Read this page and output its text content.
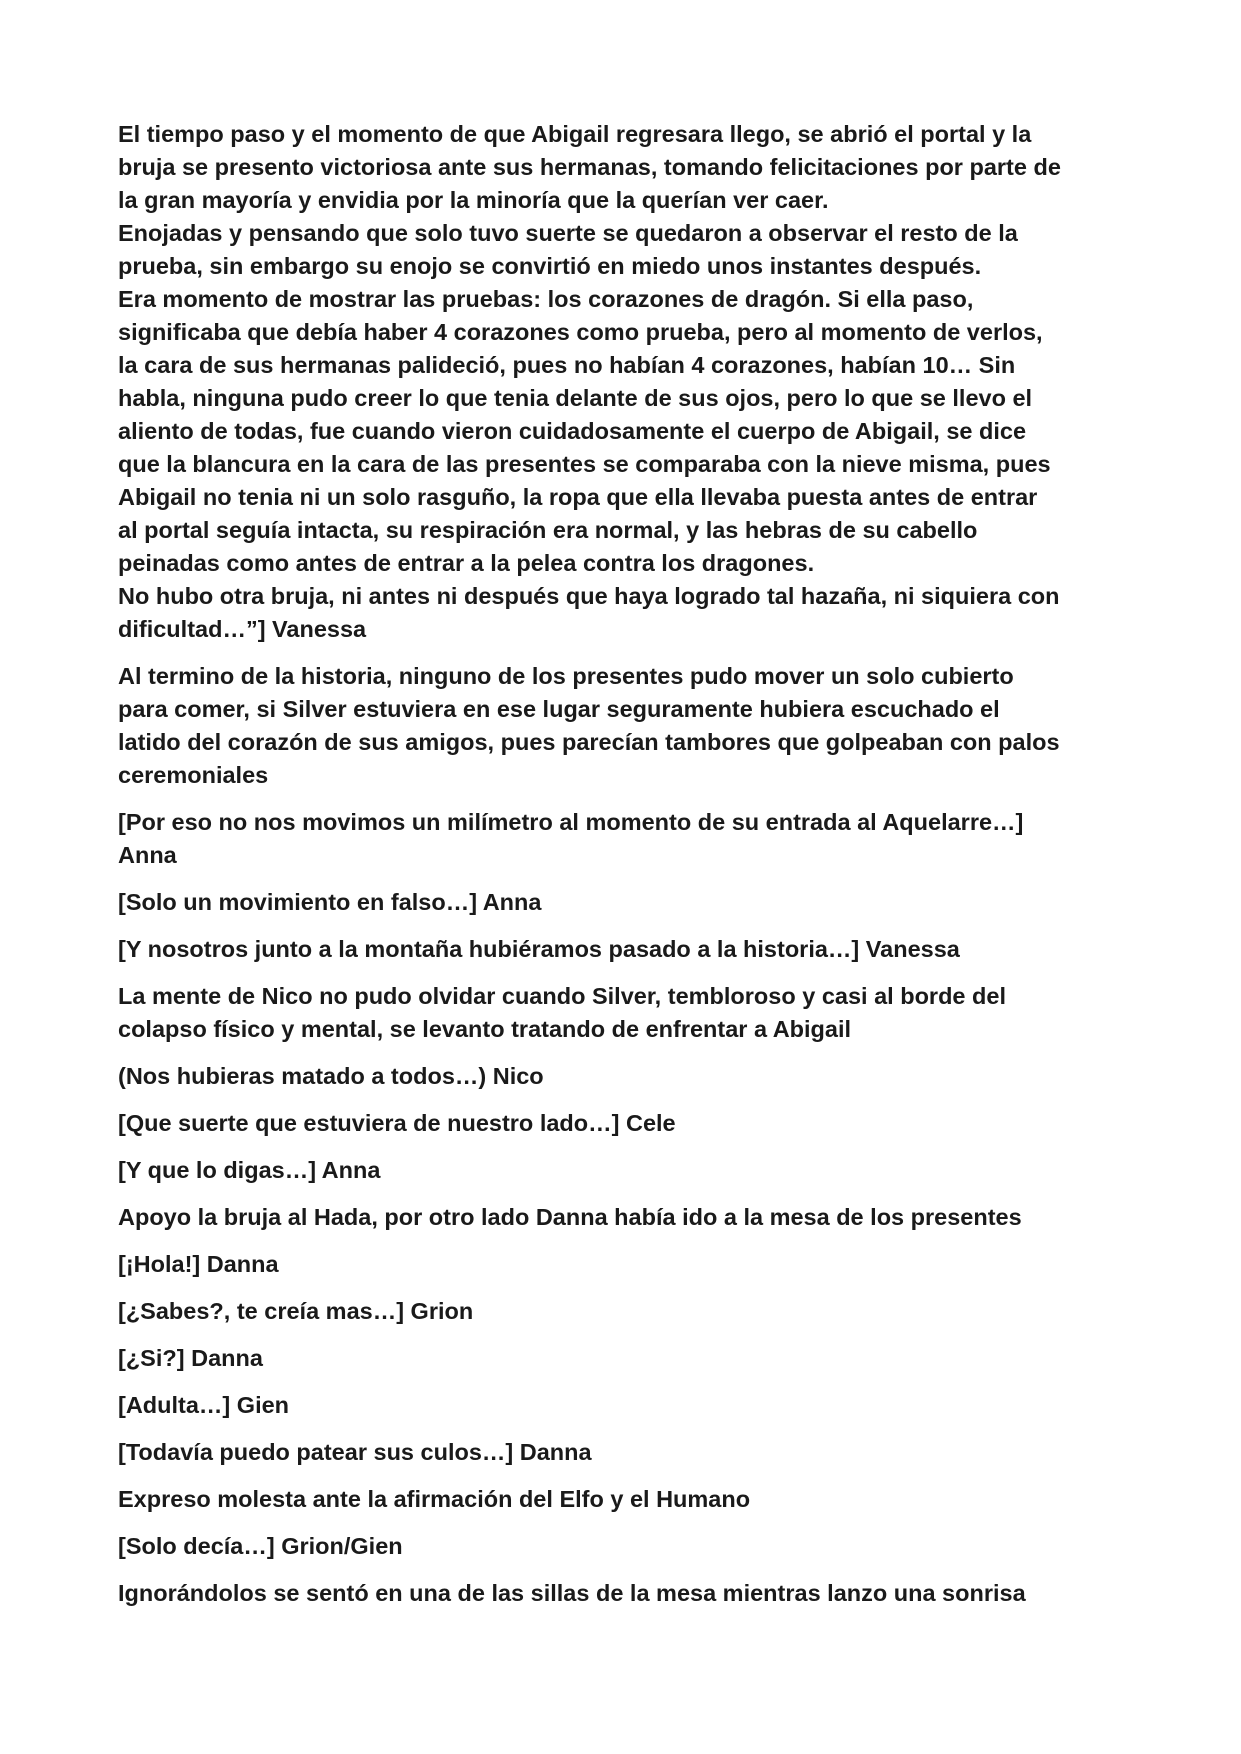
El tiempo paso y el momento de que Abigail regresara llego, se abrió el portal y la
bruja se presento victoriosa ante sus hermanas, tomando felicitaciones por parte de
la gran mayoría y envidia por la minoría que la querían ver caer.
Enojadas y pensando que solo tuvo suerte se quedaron a observar el resto de la
prueba, sin embargo su enojo se convirtió en miedo unos instantes después.
Era momento de mostrar las pruebas: los corazones de dragón. Si ella paso,
significaba que debía haber 4 corazones como prueba, pero al momento de verlos,
la cara de sus hermanas palideció, pues no habían 4 corazones, habían 10… Sin
habla, ninguna pudo creer lo que tenia delante de sus ojos, pero lo que se llevo el
aliento de todas, fue cuando vieron cuidadosamente el cuerpo de Abigail, se dice
que la blancura en la cara de las presentes se comparaba con la nieve misma, pues
Abigail no tenia ni un solo rasguño, la ropa que ella llevaba puesta antes de entrar
al portal seguía intacta, su respiración era normal, y las hebras de su cabello
peinadas como antes de entrar a la pelea contra los dragones.
No hubo otra bruja, ni antes ni después que haya logrado tal hazaña, ni siquiera con
dificultad…”] Vanessa

Al termino de la historia, ninguno de los presentes pudo mover un solo cubierto
para comer, si Silver estuviera en ese lugar seguramente hubiera escuchado el
latido del corazón de sus amigos, pues parecían tambores que golpeaban con palos
ceremoniales

[Por eso no nos movimos un milímetro al momento de su entrada al Aquelarre…]
Anna

[Solo un movimiento en falso…] Anna

[Y nosotros junto a la montaña hubiéramos pasado a la historia…] Vanessa

La mente de Nico no pudo olvidar cuando Silver, tembloroso y casi al borde del
colapso físico y mental, se levanto tratando de enfrentar a Abigail

(Nos hubieras matado a todos…) Nico

[Que suerte que estuviera de nuestro lado…] Cele

[Y que lo digas…] Anna

Apoyo la bruja al Hada, por otro lado Danna había ido a la mesa de los presentes

[¡Hola!] Danna

[¿Sabes?, te creía mas…] Grion

[¿Si?] Danna

[Adulta…] Gien

[Todavía puedo patear sus culos…] Danna

Expreso molesta ante la afirmación del Elfo y el Humano

[Solo decía…] Grion/Gien

Ignorándolos se sentó en una de las sillas de la mesa mientras lanzo una sonrisa
